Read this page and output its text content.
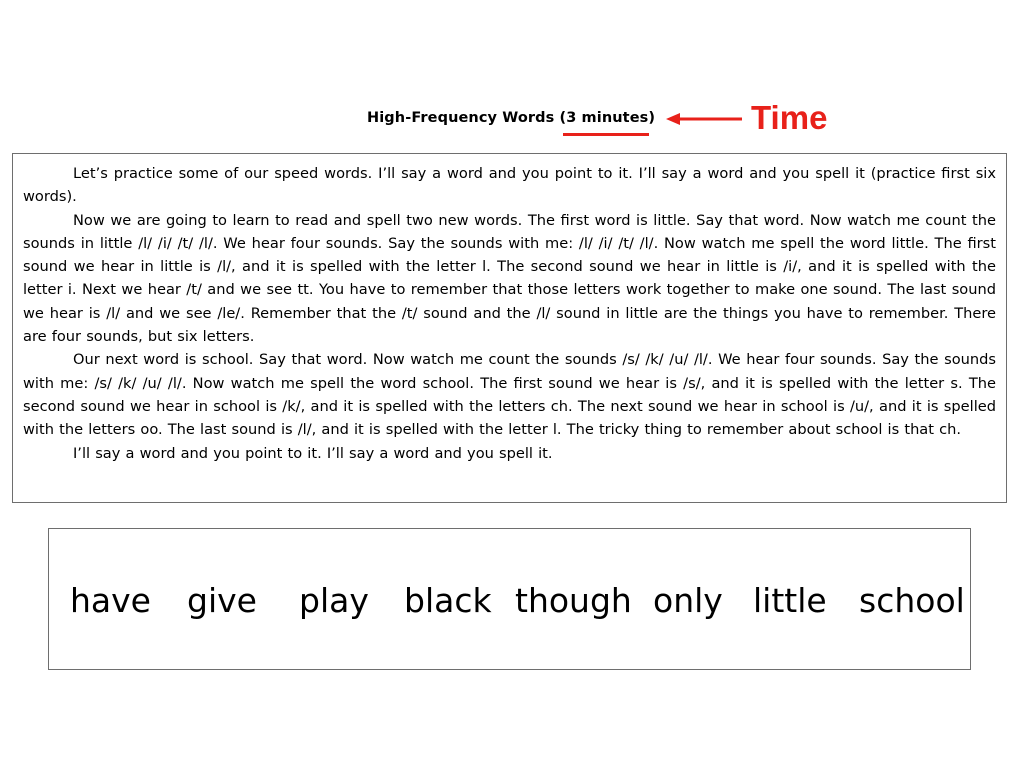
High-Frequency Words (3 minutes)	Time

Let’s practice some of our speed words. I’ll say a word and you point to it. I’ll say a word and you spell it (practice first six words).

Now we are going to learn to read and spell two new words. The first word is little. Say that word. Now watch me count the sounds in little /l/ /i/ /t/ /l/. We hear four sounds. Say the sounds with me: /l/ /i/ /t/ /l/. Now watch me spell the word little. The first sound we hear in little is /l/, and it is spelled with the letter l. The second sound we hear in little is /i/, and it is spelled with the letter i. Next we hear /t/ and we see tt. You have to remember that those letters work together to make one sound. The last sound we hear is /l/ and we see /le/. Remember that the /t/ sound and the /l/ sound in little are the things you have to remember. There are four sounds, but six letters.

Our next word is school. Say that word. Now watch me count the sounds /s/ /k/ /u/ /l/. We hear four sounds. Say the sounds with me: /s/ /k/ /u/ /l/. Now watch me spell the word school. The first sound we hear is /s/, and it is spelled with the letter s. The second sound we hear in school is /k/, and it is spelled with the letters ch. The next sound we hear in school is /u/, and it is spelled with the letters oo. The last sound is /l/, and it is spelled with the letter l. The tricky thing to remember about school is that ch.

I’ll say a word and you point to it. I’ll say a word and you spell it.

have give play black though only little school
